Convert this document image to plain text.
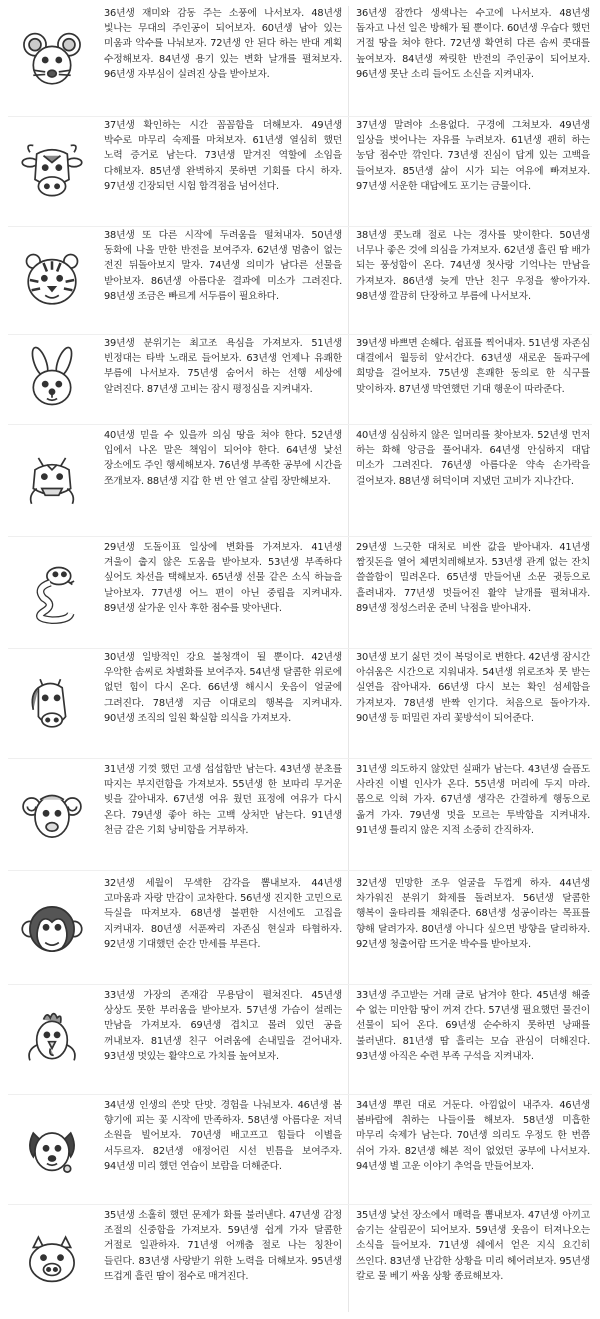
36년생 재미와 감동 주는 소풍에 나서보자. 48년생 빛나는 무대의 주인공이 되어보자. 60년생 남아 있는 미움과 악수를 나눠보자. 72년생 안 된다 하는 반대 계획 수정해보자. 84년생 용기 있는 변화 날개를 펼쳐보자. 96년생 자부심이 실려진 상을 받아보자.
36년생 잠깐다 생색나는 수고에 나서보자. 48년생 돕자고 나선 일은 방해가 될 뿐이다. 60년생 우습다 했던 거절 땅을 쳐야 한다. 72년생 확연히 다른 솜씨 콧대를 높여보자. 84년생 짜릿한 반전의 주인공이 되어보자. 96년생 못난 소리 들어도 소신을 지켜내자.
37년생 확인하는 시간 꼼꼼함을 더해보자. 49년생 박수로 마무리 숙제를 마쳐보자. 61년생 열심히 했던 노력 증거로 남는다. 73년생 맡겨진 역할에 소임을 다해보자. 85년생 완벽하지 못하면 기회를 다시 하자. 97년생 긴장되던 시험 합격점을 넘어선다.
37년생 말려야 소용없다. 구경에 그쳐보자. 49년생 일상을 벗어나는 자유를 누려보자. 61년생 괜히 하는 농담 점수만 깎인다. 73년생 진심이 답게 있는 고백을 들어보자. 85년생 삶이 시가 되는 여유에 빠져보자. 97년생 서운한 대답에도 포기는 금물이다.
38년생 또 다른 시작에 두려움을 떨쳐내자. 50년생 동화에 나올 만한 반전을 보여주자. 62년생 멈춤이 없는 전진 뒤돌아보지 말자. 74년생 의미가 남다른 선물을 받아보자. 86년생 아름다운 결과에 미소가 그려진다. 98년생 조금은 빠르게 서두름이 필요하다.
38년생 콧노래 절로 나는 경사를 맞이한다. 50년생 너무나 좋은 것에 의심을 가져보자. 62년생 흘린 땀 배가 되는 풍성함이 온다. 74년생 첫사랑 기억나는 만남을 가져보자. 86년생 늦게 만난 친구 우정을 쌓아가자. 98년생 깔끔히 단장하고 부름에 나서보자.
39년생 분위기는 최고조 욕심을 가져보자. 51년생 빈정대는 타박 노래로 들어보자. 63년생 언제나 유쾌한 부름에 나서보자. 75년생 숨어서 하는 선행 세상에 알려진다. 87년생 고비는 잠시 평정심을 지켜내자.
39년생 바쁘면 손해다. 쉼표를 찍어내자. 51년생 자존심 대결에서 월등히 앞서간다. 63년생 새로운 돌파구에 희망을 걸어보자. 75년생 흔쾌한 동의로 한 식구를 맞이하자. 87년생 막연했던 기대 행운이 따라준다.
40년생 믿을 수 있을까 의심 땅을 쳐야 한다. 52년생 입에서 나온 말은 책임이 되어야 한다. 64년생 낯선 장소에도 주인 행세해보자. 76년생 부족한 공부에 시간을 쪼개보자. 88년생 지갑 한 번 안 열고 살림 장만해보자.
40년생 심심하지 않은 일머리를 찾아보자. 52년생 먼저 하는 화해 앙금을 풀어내자. 64년생 안심하지 대답 미소가 그려진다. 76년생 아름다운 약속 손가락을 걸어보자. 88년생 허덕이며 지냈던 고비가 지나간다.
29년생 도돌이표 일상에 변화를 가져보자. 41년생 겨울이 춥지 않은 도움을 받아보자. 53년생 부족하다 싶어도 차선을 택해보자. 65년생 선물 같은 소식 하늘을 날아보자. 77년생 어느 편이 아닌 중립을 지켜내자. 89년생 살가운 인사 후한 점수를 맞아낸다.
29년생 느긋한 대처로 비싼 값을 받아내자. 41년생 짬짓돈을 열어 체면치레해보자. 53년생 관계 없는 잔치 쓸쓸함이 밀려온다. 65년생 만들어낸 소문 귓등으로 흘려내자. 77년생 멋들어진 활약 날개를 펼쳐내자. 89년생 정성스러운 준비 낙점을 받아내자.
30년생 일방적인 강요 불청객이 될 뿐이다. 42년생 우악한 솜씨로 차별화를 보여주자. 54년생 달콤한 위로에 없던 힘이 다시 온다. 66년생 해시시 웃음이 얼굴에 그려진다. 78년생 지금 이대로의 행복을 지켜내자. 90년생 조직의 일원 확실함 의식을 가져보자.
30년생 보기 싫던 것이 복덩이로 변한다. 42년생 잠시간 아쉬움은 시간으로 지워내자. 54년생 위로조차 못 받는 실연을 잡아내자. 66년생 다시 보는 확인 섬세함을 가져보자. 78년생 반짝 인기다. 처음으로 돌아가자. 90년생 등 떠밀린 자리 꽃방석이 되어준다.
31년생 기껏 했던 고생 섭섭함만 남는다. 43년생 분초를 따지는 부지런함을 가져보자. 55년생 한 보따리 무거운 빚을 갚아내자. 67년생 여유 웠던 표정에 여유가 다시 온다. 79년생 좋아 하는 고백 상처만 남는다. 91년생 천금 같은 기회 낭비함을 거부하자.
31년생 의도하지 않았던 실패가 남는다. 43년생 슬픔도 사라진 이별 인사가 온다. 55년생 머리에 두지 마라. 몸으로 익혀 가자. 67년생 생각은 간결하게 행동으로 옮겨 가자. 79년생 멋을 모르는 투박함을 지켜내자. 91년생 틀리지 않은 지적 소중히 간직하자.
32년생 세월이 무색한 감각을 뽐내보자. 44년생 고마움과 자랑 만감이 교차한다. 56년생 진지한 고민으로 득실을 따져보자. 68년생 불편한 시선에도 고집을 지켜내자. 80년생 서푼짜리 자존심 현실과 타협하자. 92년생 기대했던 순간 만세를 부른다.
32년생 민망한 조우 얼굴을 두껍게 하자. 44년생 차가워진 분위기 화제를 돌려보자. 56년생 달콤한 행복이 울타리를 채워준다. 68년생 성공이라는 목표를 향해 달려가자. 80년생 아니다 싶으면 방향을 달리하자. 92년생 청출어람 뜨거운 박수를 받아보자.
33년생 가장의 존재감 무용담이 펼쳐진다. 45년생 상상도 못한 부러움을 받아보자. 57년생 가슴이 설레는 만남을 가져보자. 69년생 겹치고 몰려 있던 공을 꺼내보자. 81년생 친구 어려움에 손내밀을 걷어내자. 93년생 멋있는 활약으로 가치를 높여보자.
33년생 주고받는 거래 글로 남겨야 한다. 45년생 해줄 수 없는 미안함 땅이 꺼져 간다. 57년생 필요했던 물건이 선물이 되어 온다. 69년생 순수하지 못하면 낭패를 불러낸다. 81년생 땀 흘리는 모습 관심이 더해진다. 93년생 아직은 수련 부족 구석을 지켜내자.
34년생 인생의 쓴맛 단맛. 경험을 나눠보자. 46년생 봄 향기에 피는 꽃 시작에 만족하자. 58년생 아름다운 저녁 소원을 빌어보자. 70년생 배고프고 힘들다 이별을 서두르자. 82년생 애정어린 시선 빈틈을 보여주자. 94년생 미리 했던 연습이 보람을 더해준다.
34년생 뿌린 대로 거둔다. 아낌없이 내주자. 46년생 봄바람에 취하는 나들이를 해보자. 58년생 미흡한 마무리 숙제가 남는다. 70년생 의리도 우정도 한 번쯤 쉬어 가자. 82년생 해본 적이 없었던 공부에 나서보자. 94년생 별 고운 이야기 추억을 만들어보자.
35년생 소홀히 했던 문제가 화를 불러낸다. 47년생 감정 조절의 신중함을 가져보자. 59년생 쉽게 가자 달콤한 거절로 일관하자. 71년생 어깨춤 절로 나는 칭찬이 들린다. 83년생 사랑받기 위한 노력을 더해보자. 95년생 뜨겁게 흘린 땀이 점수로 매겨진다.
35년생 낯선 장소에서 매력을 뽐내보자. 47년생 아끼고 숨기는 살림꾼이 되어보자. 59년생 웃음이 터져나오는 소식을 들어보자. 71년생 쉐에서 얻은 지식 요긴히 쓰인다. 83년생 난감한 상황을 미리 헤어려보자. 95년생 칼로 물 베기 싸움 상황 종료해보자.
